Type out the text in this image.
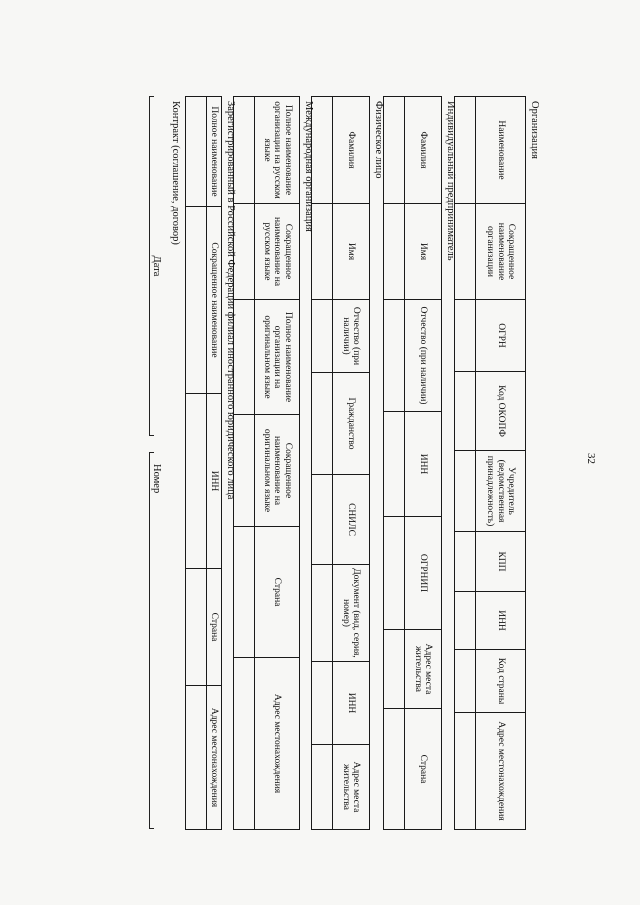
32
Организация
Наименование	Сокращенное наименование организации	ОГРН	Код ОКОПФ	Учредитель (ведомственная принадлежность)	КПП	ИНН	Код страны	Адрес местонахождения

Индивидуальный предприниматель
Фамилия	Имя	Отчество (при наличии)	ИНН	ОГРНИП	Адрес места жительства	Страна

Физическое лицо
Фамилия	Имя	Отчество (при наличии)	Гражданство	СНИЛС	Документ (вид, серия, номер)	ИНН	Адрес места жительства

Международная организация
Полное наименование организации на русском языке	Сокращенное наименование на русском языке	Полное наименование организации на оригинальном языке	Сокращенное наименование на оригинальном языке	Страна	Адрес местонахождения

Зарегистрированный в Российской Федерации филиал иностранного юридического лица
Полное наименование	Сокращенное наименование	ИНН	Страна	Адрес местонахождения

Контракт (соглашение, договор)
Дата
Номер
